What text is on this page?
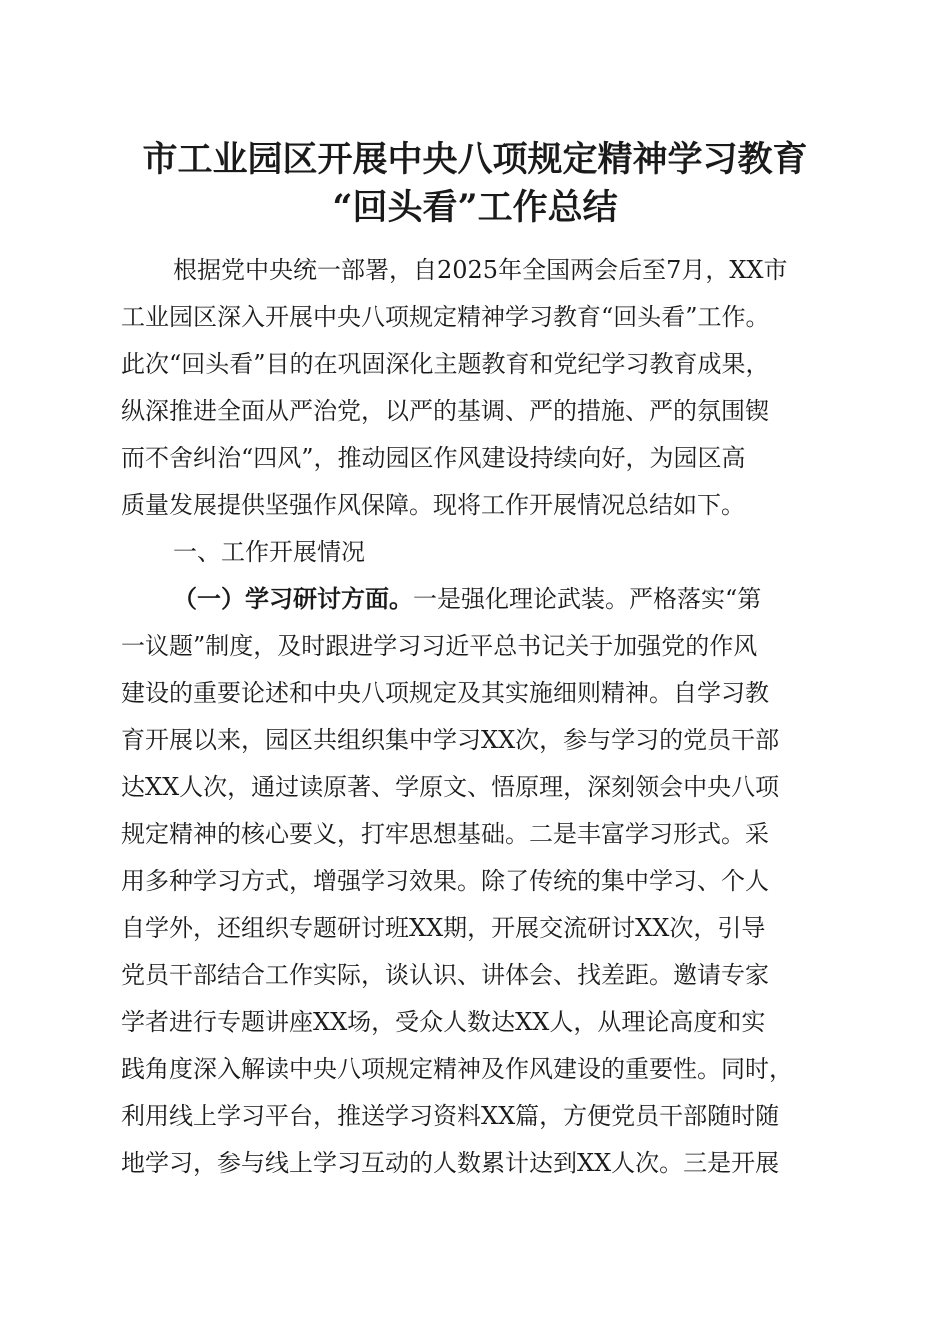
市工业园区开展中央八项规定精神学习教育
“回头看”工作总结

根据党中央统一部署，自2025年全国两会后至7月，XX市

工业园区深入开展中央八项规定精神学习教育“回头看”工作。

此次“回头看”目的在巩固深化主题教育和党纪学习教育成果，

纵深推进全面从严治党，以严的基调、严的措施、严的氛围锲

而不舍纠治“四风”，推动园区作风建设持续向好，为园区高

质量发展提供坚强作风保障。现将工作开展情况总结如下。

一、工作开展情况

（一）学习研讨方面。 一是强化理论武装。严格落实“第

一议题”制度，及时跟进学习习近平总书记关于加强党的作风

建设的重要论述和中央八项规定及其实施细则精神。自学习教

育开展以来，园区共组织集中学习XX次，参与学习的党员干部

达XX人次，通过读原著、学原文、悟原理，深刻领会中央八项

规定精神的核心要义，打牢思想基础。二是丰富学习形式。采

用多种学习方式，增强学习效果。除了传统的集中学习、个人

自学外，还组织专题研讨班XX期，开展交流研讨XX次，引导

党员干部结合工作实际，谈认识、讲体会、找差距。邀请专家

学者进行专题讲座XX场，受众人数达XX人，从理论高度和实

践角度深入解读中央八项规定精神及作风建设的重要性。同时，

利用线上学习平台，推送学习资料XX篇，方便党员干部随时随

地学习，参与线上学习互动的人数累计达到XX人次。三是开展
